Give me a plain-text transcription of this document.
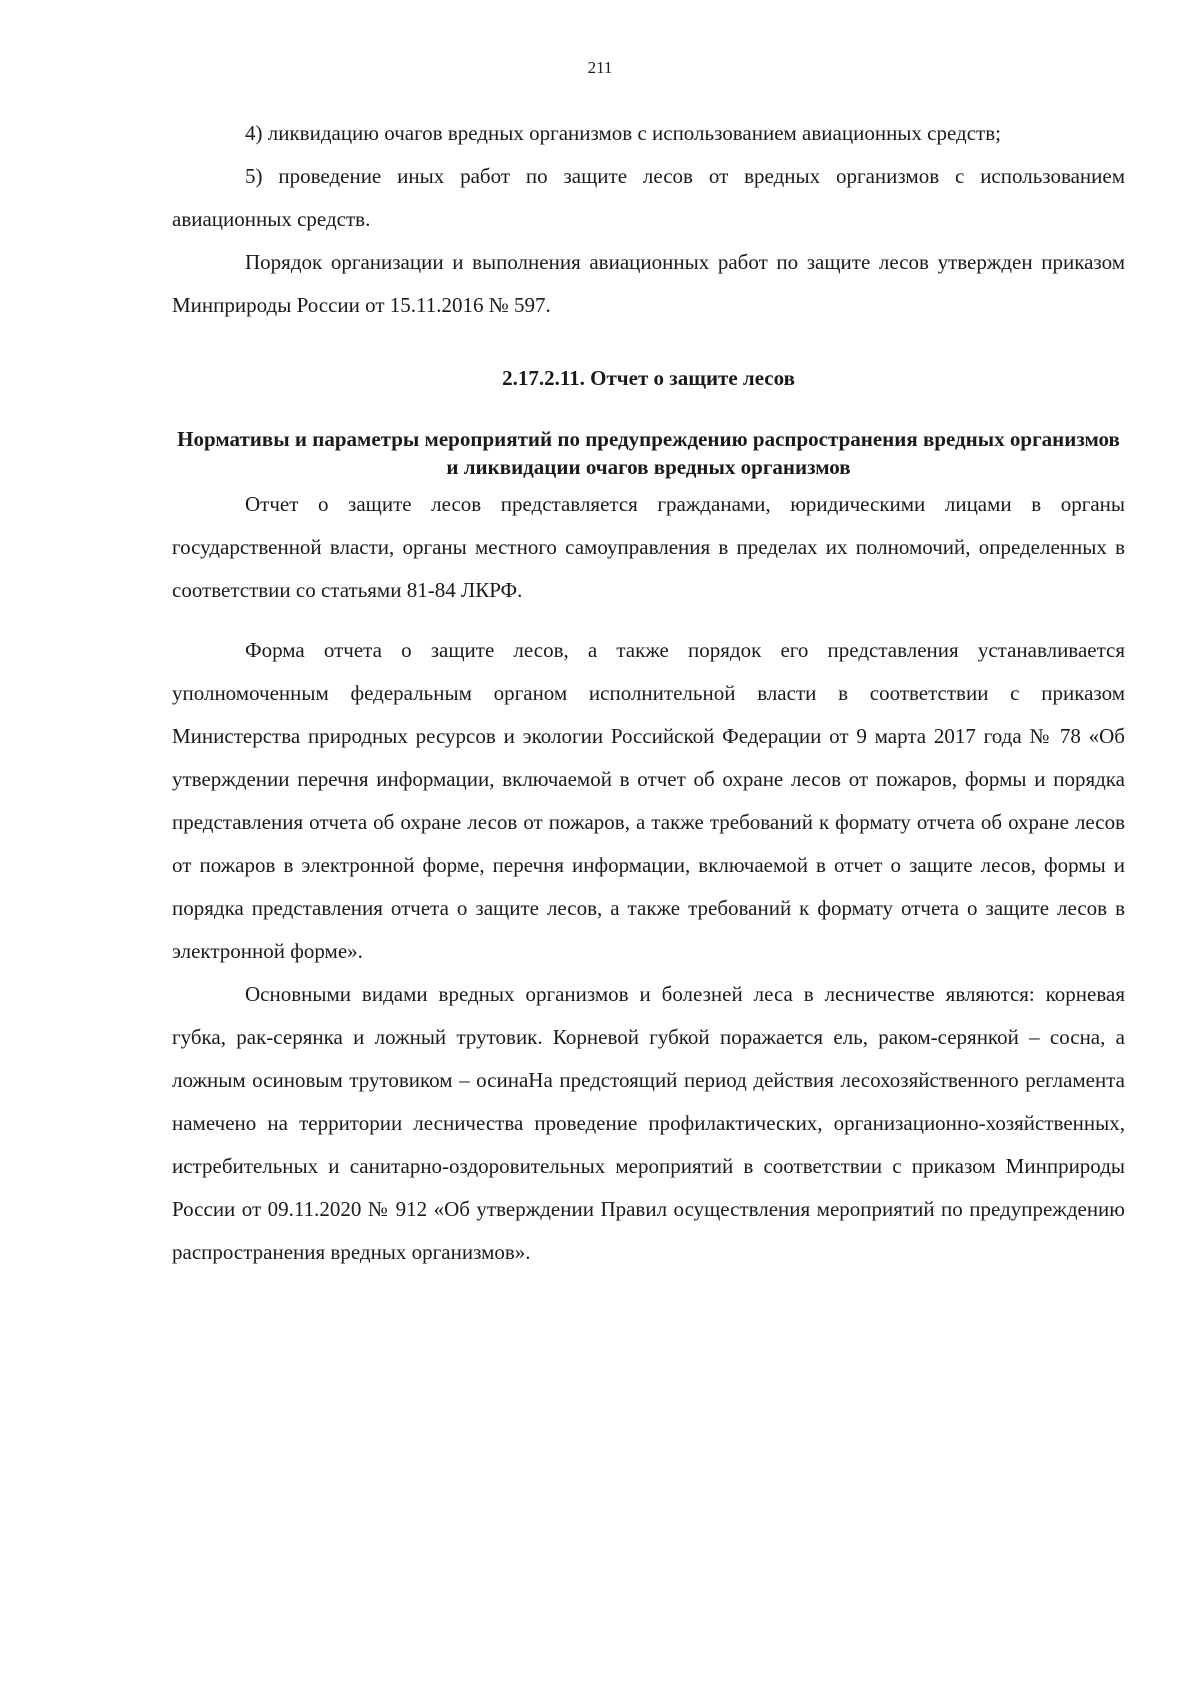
211

4) ликвидацию очагов вредных организмов с использованием авиационных средств;

5) проведение иных работ по защите лесов от вредных организмов с использованием авиационных средств.

Порядок организации и выполнения авиационных работ по защите лесов утвержден приказом Минприроды России от 15.11.2016 № 597.

2.17.2.11. Отчет о защите лесов
Нормативы и параметры мероприятий по предупреждению распространения вредных организмов и ликвидации очагов вредных организмов

Отчет о защите лесов представляется гражданами, юридическими лицами в органы государственной власти, органы местного самоуправления в пределах их полномочий, определенных в соответствии со статьями 81-84 ЛКРФ.

Форма отчета о защите лесов, а также порядок его представления устанавливается уполномоченным федеральным органом исполнительной власти в соответствии с приказом Министерства природных ресурсов и экологии Российской Федерации от 9 марта 2017 года № 78 «Об утверждении перечня информации, включаемой в отчет об охране лесов от пожаров, формы и порядка представления отчета об охране лесов от пожаров, а также требований к формату отчета об охране лесов от пожаров в электронной форме, перечня информации, включаемой в отчет о защите лесов, формы и порядка представления отчета о защите лесов, а также требований к формату отчета о защите лесов в электронной форме».

Основными видами вредных организмов и болезней леса в лесничестве являются: корневая губка, рак-серянка и ложный трутовик. Корневой губкой поражается ель, раком-серянкой – сосна, а ложным осиновым трутовиком – осинаНа предстоящий период действия лесохозяйственного регламента намечено на территории лесничества проведение профилактических, организационно-хозяйственных, истребительных и санитарно-оздоровительных мероприятий в соответствии с приказом Минприроды России от 09.11.2020 № 912 «Об утверждении Правил осуществления мероприятий по предупреждению распространения вредных организмов».
